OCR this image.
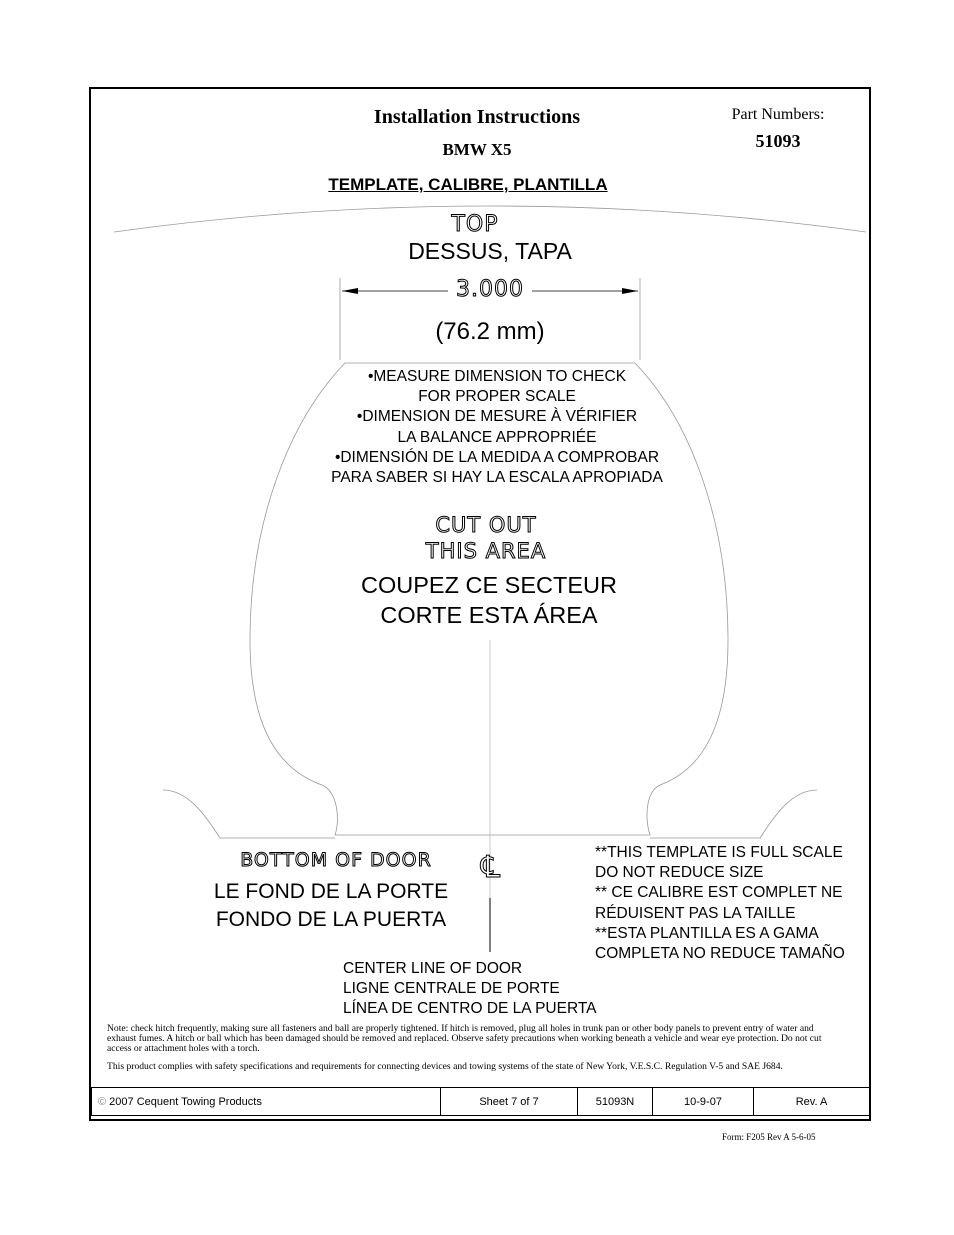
Installation Instructions
BMW X5
Part Numbers:
51093
TEMPLATE, CALIBRE, PLANTILLA
TOP
DESSUS, TAPA
3.000
(76.2 mm)
•MEASURE DIMENSION TO CHECK
FOR PROPER SCALE
•DIMENSION DE MESURE À VÉRIFIER
LA BALANCE APPROPRIÉE
•DIMENSIÓN DE LA MEDIDA A COMPROBAR
PARA SABER SI HAY LA ESCALA APROPIADA
CUT OUT
THIS AREA
COUPEZ CE SECTEUR
CORTE ESTA ÁREA
BOTTOM OF DOOR
LE FOND DE LA PORTE
FONDO DE LA PUERTA
℄
CENTER LINE OF DOOR
LIGNE CENTRALE DE PORTE
LÍNEA DE CENTRO DE LA PUERTA
**THIS TEMPLATE IS FULL SCALE
DO NOT REDUCE SIZE
** CE CALIBRE EST COMPLET NE
RÉDUISENT PAS LA TAILLE
**ESTA PLANTILLA ES A GAMA
COMPLETA NO REDUCE TAMAÑO
Note: check hitch frequently, making sure all fasteners and ball are properly tightened. If hitch is removed, plug all holes in trunk pan or other body panels to prevent entry of water and exhaust fumes. A hitch or ball which has been damaged should be removed and replaced. Observe safety precautions when working beneath a vehicle and wear eye protection. Do not cut access or attachment holes with a torch.
This product complies with safety specifications and requirements for connecting devices and towing systems of the state of New York, V.E.S.C. Regulation V-5 and SAE J684.
© 2007 Cequent Towing Products	Sheet 7 of 7	51093N	10-9-07	Rev. A
Form: F205 Rev A 5-6-05
